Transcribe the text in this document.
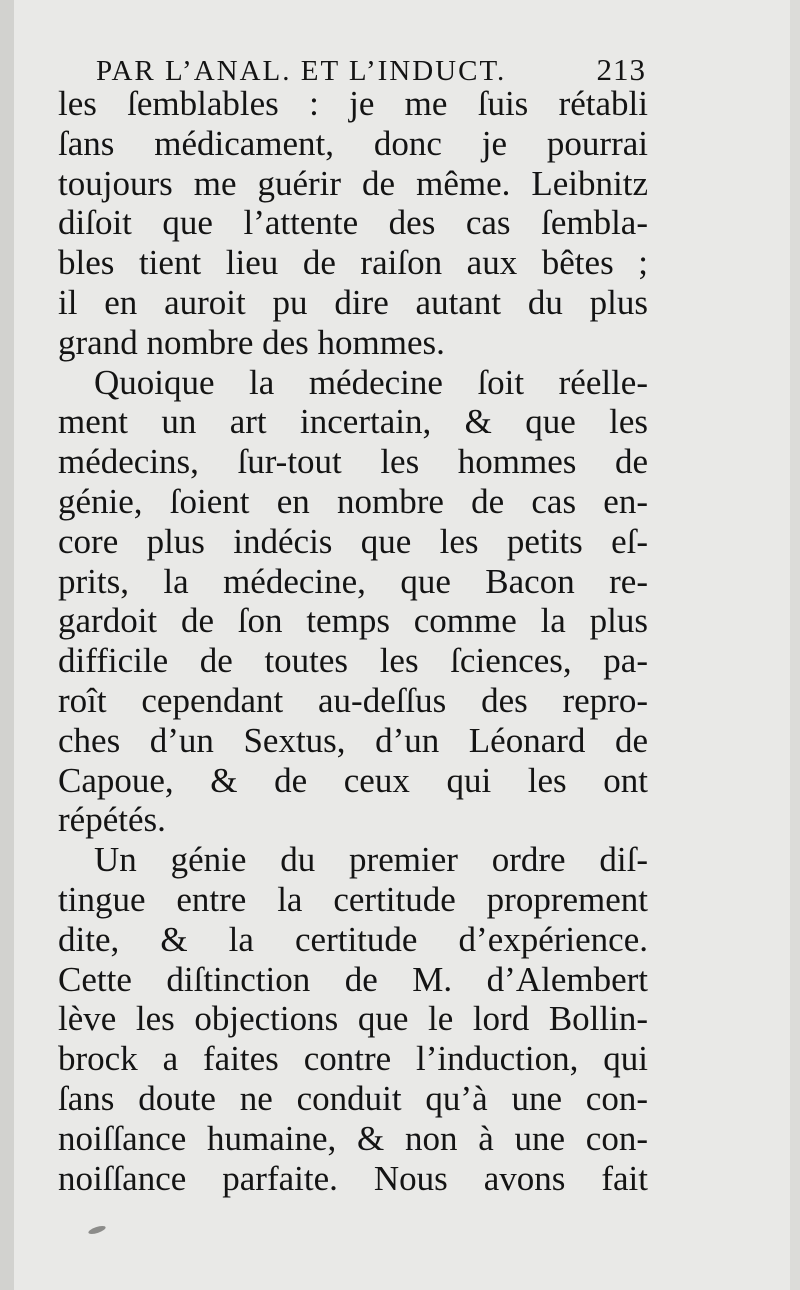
PAR L’ANAL. ET L’INDUCT.	213
les ſemblables : je me ſuis rétabli
ſans médicament, donc je pourrai
toujours me guérir de même. Leibnitz
diſoit que l’attente des cas ſembla-
bles tient lieu de raiſon aux bêtes ;
il en auroit pu dire autant du plus
grand nombre des hommes.
Quoique la médecine ſoit réelle-
ment un art incertain, & que les
médecins, ſur-tout les hommes de
génie, ſoient en nombre de cas en-
core plus indécis que les petits eſ-
prits, la médecine, que Bacon re-
gardoit de ſon temps comme la plus
difficile de toutes les ſciences, pa-
roît cependant au-deſſus des repro-
ches d’un Sextus, d’un Léonard de
Capoue, & de ceux qui les ont
répétés.
Un génie du premier ordre diſ-
tingue entre la certitude proprement
dite, & la certitude d’expérience.
Cette diſtinction de M. d’Alembert
lève les objections que le lord Bollin-
brock a faites contre l’induction, qui
ſans doute ne conduit qu’à une con-
noiſſance humaine, & non à une con-
noiſſance parfaite. Nous avons fait
